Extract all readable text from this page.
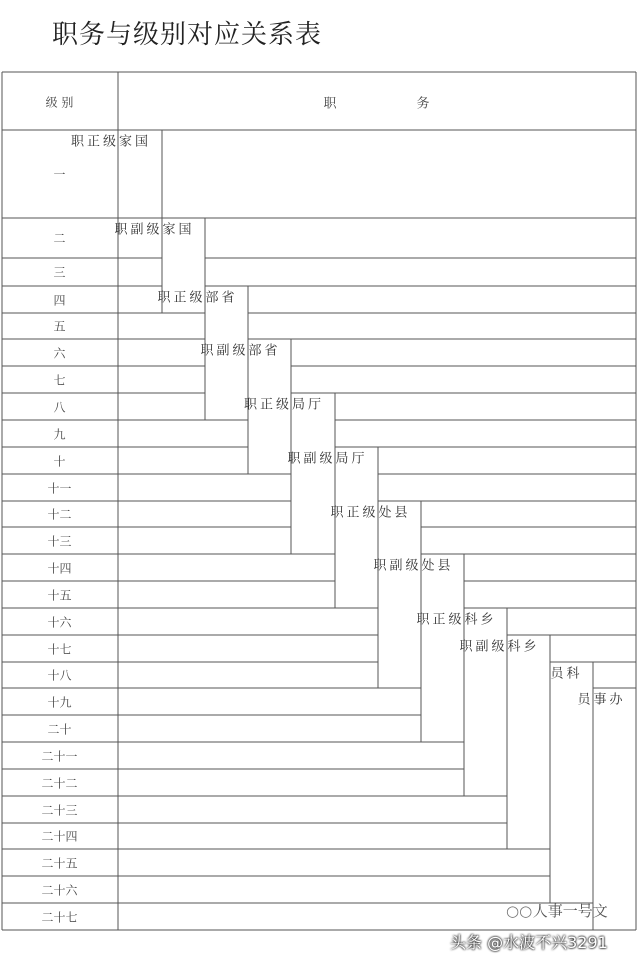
职务与级别对应关系表
级 别	职	务
一
二
三
四
五
六
七
八
九
十
十一
十二
十三
十四
十五
十六
十七
十八
十九
二十
二十一
二十二
二十三
二十四
二十五
二十六
二十七
国家级正职
国家级副职
省部级正职
省部级副职
厅局级正职
厅局级副职
县处级正职
县处级副职
乡科级正职
乡科级副职
科员
办事员
○○ 人事一号文
头条 @水波不兴3291
